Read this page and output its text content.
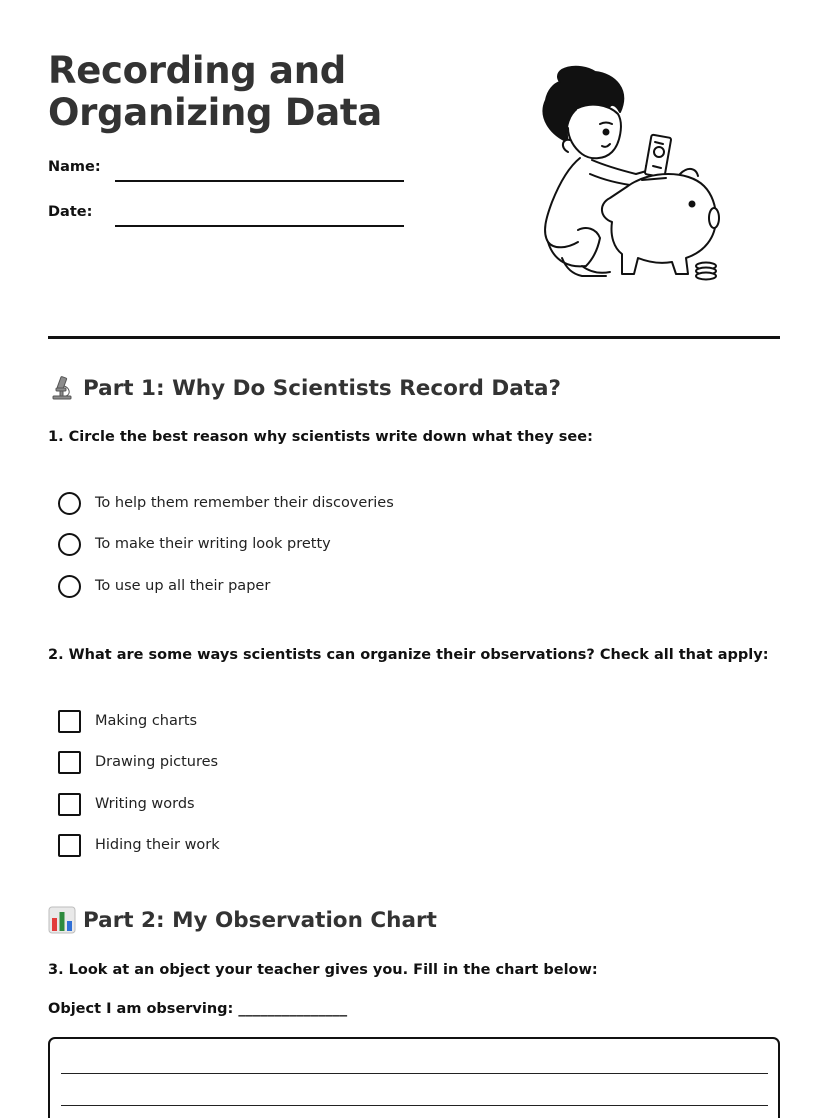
Recording and
Organizing Data
Name:
Date:
Part 1: Why Do Scientists Record Data?
1. Circle the best reason why scientists write down what they see:
To help them remember their discoveries
To make their writing look pretty
To use up all their paper
2. What are some ways scientists can organize their observations? Check all that apply:
Making charts
Drawing pictures
Writing words
Hiding their work
Part 2: My Observation Chart
3. Look at an object your teacher gives you. Fill in the chart below:
Object I am observing: _______________
